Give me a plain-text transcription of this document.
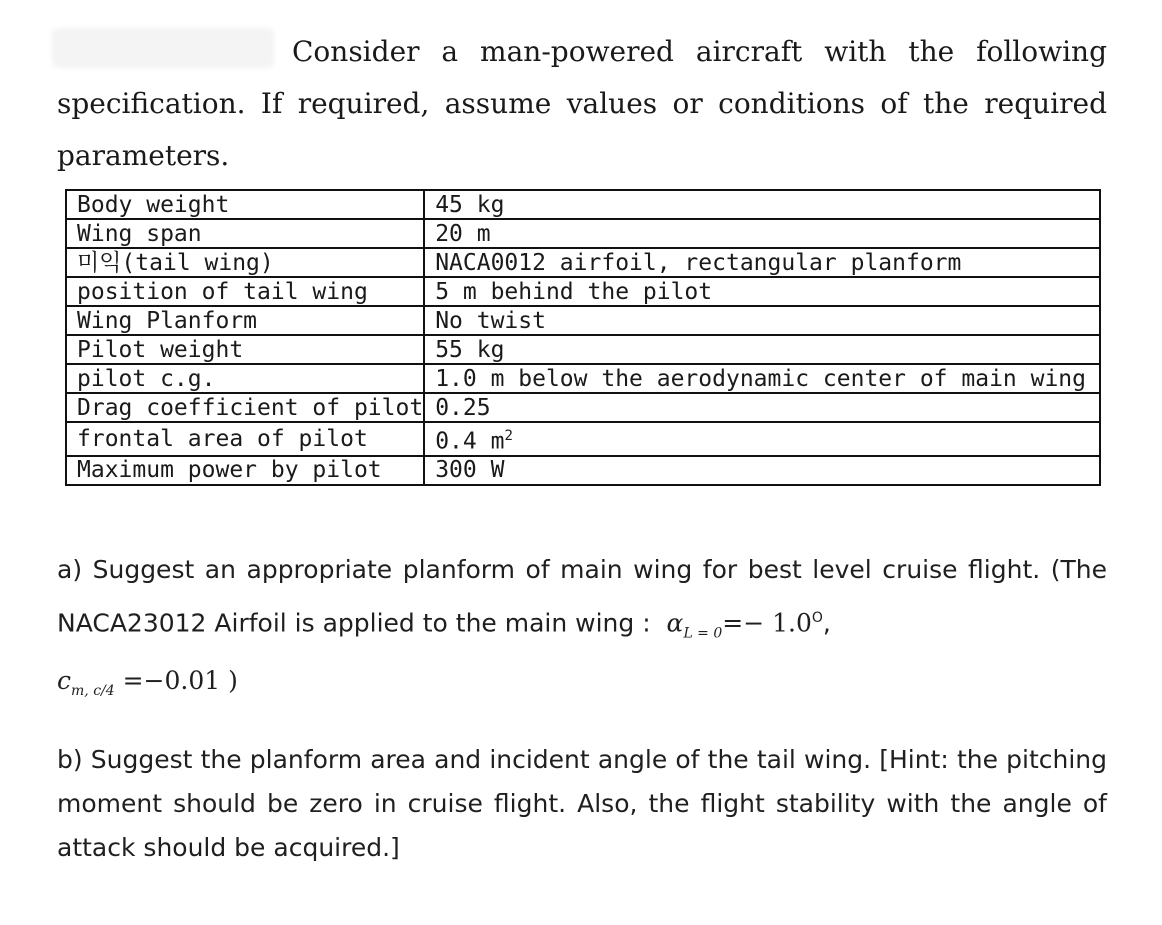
Consider a man-powered aircraft with the following specification. If required, assume values or conditions of the required parameters.

Body weight	45 kg
Wing span	20 m
미익(tail wing)	NACA0012 airfoil, rectangular planform
position of tail wing	5 m behind the pilot
Wing Planform	No twist
Pilot weight	55 kg
pilot c.g.	1.0 m below the aerodynamic center of main wing
Drag coefficient of pilot	0.25
frontal area of pilot	0.4 $m^2$
Maximum power by pilot	300 W

a) Suggest an appropriate planform of main wing for best level cruise flight. (The NACA23012 Airfoil is applied to the main wing : $\alpha_{L = 0}=- 1.0^O$,

$c_{m, c/4} =-0.01$ )

b) Suggest the planform area and incident angle of the tail wing. [Hint: the pitching moment should be zero in cruise flight. Also, the flight stability with the angle of attack should be acquired.]
